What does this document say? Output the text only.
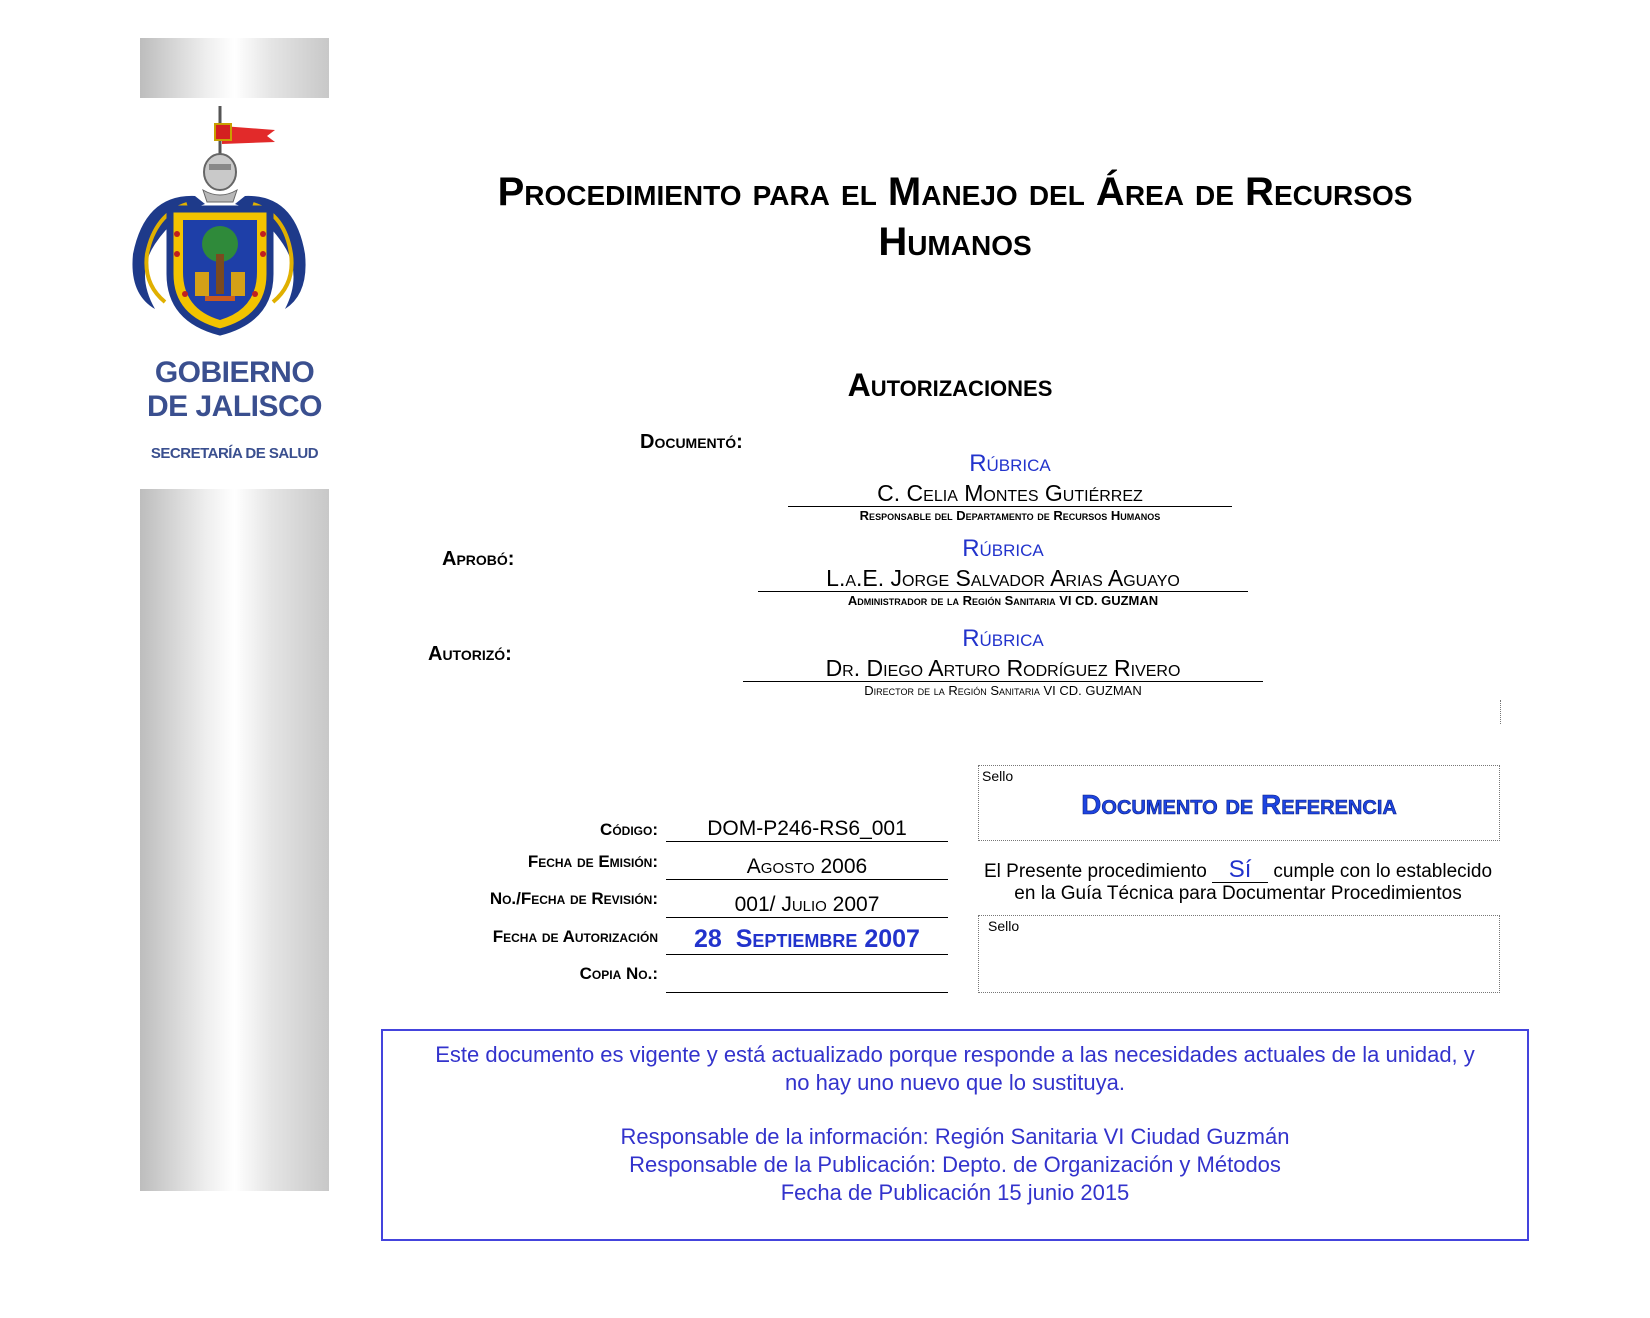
GOBIERNO
DE JALISCO
SECRETARÍA DE SALUD
Procedimiento para el Manejo del Área de Recursos
Humanos
Autorizaciones
Documentó:
Rúbrica
C. Celia Montes Gutiérrez
Responsable del Departamento de Recursos Humanos
Aprobó:	Rúbrica
L.a.E. Jorge Salvador Arias Aguayo
Administrador de la Región Sanitaria VI CD. GUZMAN
Autorizó:
Rúbrica
Dr. Diego Arturo Rodríguez Rivero
Director de la Región Sanitaria VI CD. GUZMAN
Código:	DOM-P246-RS6_001
Fecha de Emisión:	Agosto 2006
No./Fecha de Revisión:	001/ Julio 2007
Fecha de Autorización	28  Septiembre 2007
Copia No.:
Sello
Documento de Referencia
El Presente procedimiento Sí cumple con lo establecido
en la Guía Técnica para Documentar Procedimientos
Sello
Este documento es vigente y está actualizado porque responde a las necesidades actuales de la unidad, y
no hay uno nuevo que lo sustituya.
Responsable de la información: Región Sanitaria VI Ciudad Guzmán
Responsable de la Publicación: Depto. de Organización y Métodos
Fecha de Publicación 15 junio 2015
